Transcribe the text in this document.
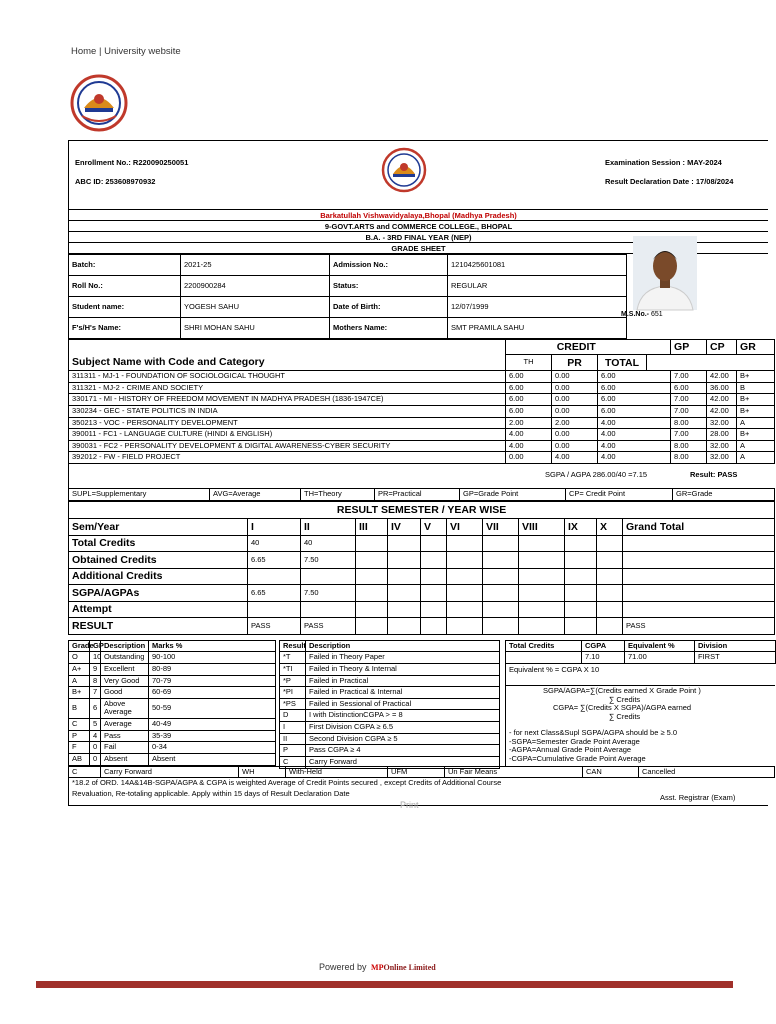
Home | University website
Enrollment No.: R220090250051
ABC ID: 253608970932
Examination Session : MAY-2024
Result Declaration Date : 17/08/2024
Barkatullah Vishwavidyalaya,Bhopal (Madhya Pradesh)
9-GOVT.ARTS and COMMERCE COLLEGE., BHOPAL
B.A. - 3RD FINAL YEAR (NEP)
GRADE SHEET
Batch:	2021-25	Admission No.:	1210425601081
Roll No.:	2200900284	Status:	REGULAR
Student name:	YOGESH SAHU	Date of Birth:	12/07/1999
F's/H's Name:	SHRI MOHAN SAHU	Mothers Name:	SMT PRAMILA SAHU
M.S.No.- 651
	CREDIT				GP	CP	GR
Subject Name with Code and Category	TH	PR	TOTAL				
311311 - MJ-1 - FOUNDATION OF SOCIOLOGICAL THOUGHT	6.00	0.00	6.00		7.00	42.00	B+
311321 - MJ-2 - CRIME AND SOCIETY	6.00	0.00	6.00		6.00	36.00	B
330171 - MI - HISTORY OF FREEDOM MOVEMENT IN MADHYA PRADESH (1836-1947CE)	6.00	0.00	6.00		7.00	42.00	B+
330234 - GEC - STATE POLITICS IN INDIA	6.00	0.00	6.00		7.00	42.00	B+
350213 - VOC - PERSONALITY DEVELOPMENT	2.00	2.00	4.00		8.00	32.00	A
390011 - FC1 - LANGUAGE CULTURE (HINDI & ENGLISH)	4.00	0.00	4.00		7.00	28.00	B+
390031 - FC2 - PERSONALITY DEVELOPMENT & DIGITAL AWARENESS-CYBER SECURITY	4.00	0.00	4.00		8.00	32.00	A
392012 - FW - FIELD PROJECT	0.00	4.00	4.00		8.00	32.00	A
SGPA / AGPA 286.00/40 =7.15	Result: PASS
SUPL=Supplementary	AVG=Average	TH=Theory	PR=Practical	GP=Grade Point	CP= Credit Point	GR=Grade
RESULT SEMESTER / YEAR WISE											
Sem/Year	I	II	III	IV	V	VI	VII	VIII	IX	X	Grand Total
Total Credits	40	40									
Obtained Credits	6.65	7.50									
Additional Credits											
SGPA/AGPAs	6.65	7.50									
Attempt											
RESULT	PASS	PASS									PASS
Grade	GP	Description	Marks %
O	10	Outstanding	90-100
A+	9	Excellent	80-89
A	8	Very Good	70-79
B+	7	Good	60-69
B	6	Above Average	50-59
C	5	Average	40-49
P	4	Pass	35-39
F	0	Fail	0-34
AB	0	Absent	Absent
Result	Description
*T	Failed in Theory Paper
*TI	Failed in Theory & Internal
*P	Failed in Practical
*PI	Failed in Practical & Internal
*PS	Failed in Sessional of Practical
D	I with DistinctionCGPA > = 8
I	First Division CGPA ≥ 6.5
II	Second Division CGPA ≥ 5
P	Pass CGPA ≥ 4
C	Carry Forward
Total Credits	CGPA	Equivalent %	Division
	7.10	71.00	FIRST
Equivalent % = CGPA X 10
SGPA/AGPA=∑(Credits earned X Grade Point )
∑ Credits
CGPA= ∑(Credits X SGPA)/AGPA earned
∑ Credits
- for next Class&Supl SGPA/AGPA should be ≥ 5.0
-SGPA=Semester Grade Point Average
-AGPA=Annual Grade Point Average
-CGPA=Cumulative Grade Point Average
C	Carry Forward	WH	With-Held	UFM	Un Fair Means	CAN	Cancelled
*18.2 of ORD. 14A&14B-SGPA/AGPA & CGPA is weighted Average of Credit Points secured , except Credits of Additional Course
Revaluation, Re-totaling applicable. Apply within 15 days of Result Declaration Date	Asst. Registrar (Exam)
Print
Powered by MPOnline Limited
